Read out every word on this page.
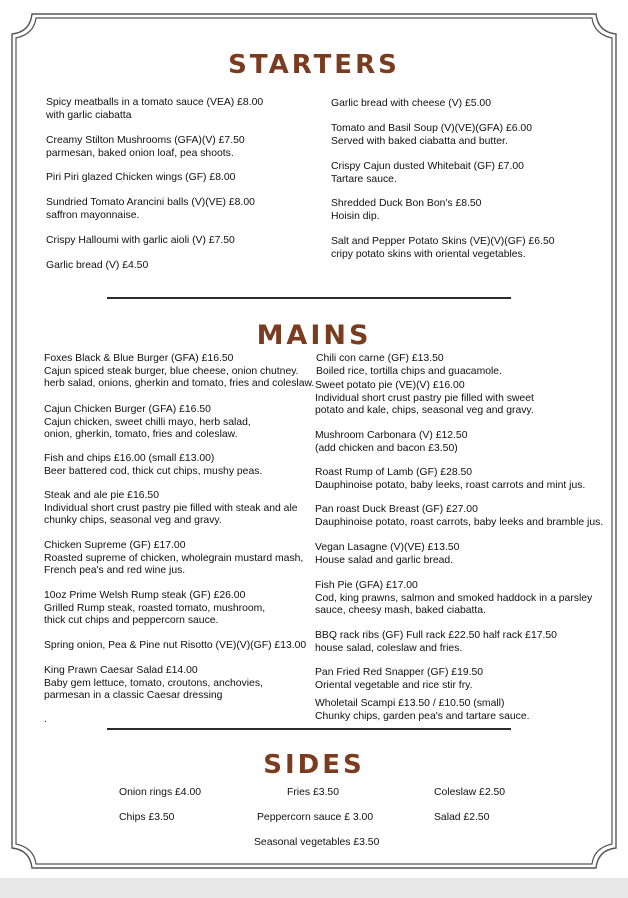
STARTERS
Spicy meatballs in a tomato sauce (VEA) £8.00
with garlic ciabatta
Creamy Stilton Mushrooms (GFA)(V) £7.50
parmesan, baked onion loaf, pea shoots.
Piri Piri glazed Chicken wings (GF) £8.00
Sundried Tomato Arancini balls (V)(VE) £8.00
saffron mayonnaise.
Crispy Halloumi with garlic aioli (V) £7.50
Garlic bread (V) £4.50
Garlic bread with cheese (V) £5.00
Tomato and Basil Soup (V)(VE)(GFA) £6.00
Served with baked ciabatta and butter.
Crispy Cajun dusted Whitebait (GF) £7.00
Tartare sauce.
Shredded Duck Bon Bon's £8.50
Hoisin dip.
Salt and Pepper Potato Skins (VE)(V)(GF) £6.50
cripy potato skins with oriental vegetables.
MAINS
Foxes Black & Blue Burger (GFA) £16.50
Cajun spiced steak burger, blue cheese, onion chutney.
herb salad, onions, gherkin and tomato, fries and coleslaw.
Cajun Chicken Burger (GFA) £16.50
Cajun chicken, sweet chilli mayo, herb salad,
onion, gherkin, tomato, fries and coleslaw.
Fish and chips £16.00 (small £13.00)
Beer battered cod, thick cut chips, mushy peas.
Steak and ale pie £16.50
Individual short crust pastry pie filled with steak and ale
chunky chips, seasonal veg and gravy.
Chicken Supreme (GF) £17.00
Roasted supreme of chicken, wholegrain mustard mash,
French pea's and red wine jus.
10oz Prime Welsh Rump steak (GF) £26.00
Grilled Rump steak, roasted tomato, mushroom,
thick cut chips and peppercorn sauce.
Spring onion, Pea & Pine nut Risotto (VE)(V)(GF) £13.00
King Prawn Caesar Salad £14.00
Baby gem lettuce, tomato, croutons, anchovies,
parmesan in a classic Caesar dressing
.
Chili con carne (GF) £13.50
Boiled rice, tortilla chips and guacamole.
Sweet potato pie (VE)(V) £16.00
Individual short crust pastry pie filled with sweet
potato and kale, chips, seasonal veg and gravy.
Mushroom Carbonara (V) £12.50
(add chicken and bacon £3.50)
Roast Rump of Lamb (GF) £28.50
Dauphinoise potato, baby leeks, roast carrots and mint jus.
Pan roast Duck Breast (GF) £27.00
Dauphinoise potato, roast carrots, baby leeks and bramble jus.
Vegan Lasagne (V)(VE) £13.50
House salad and garlic bread.
Fish Pie (GFA) £17.00
Cod, king prawns, salmon and smoked haddock in a parsley
sauce, cheesy mash, baked ciabatta.
BBQ rack ribs (GF) Full rack £22.50 half rack £17.50
house salad, coleslaw and fries.
Pan Fried Red Snapper (GF) £19.50
Oriental vegetable and rice stir fry.
Wholetail Scampi £13.50 / £10.50 (small)
Chunky chips, garden pea's and tartare sauce.
SIDES
Onion rings £4.00	Fries £3.50	Coleslaw £2.50
Chips £3.50	Peppercorn sauce £ 3.00	Salad £2.50
Seasonal vegetables £3.50
